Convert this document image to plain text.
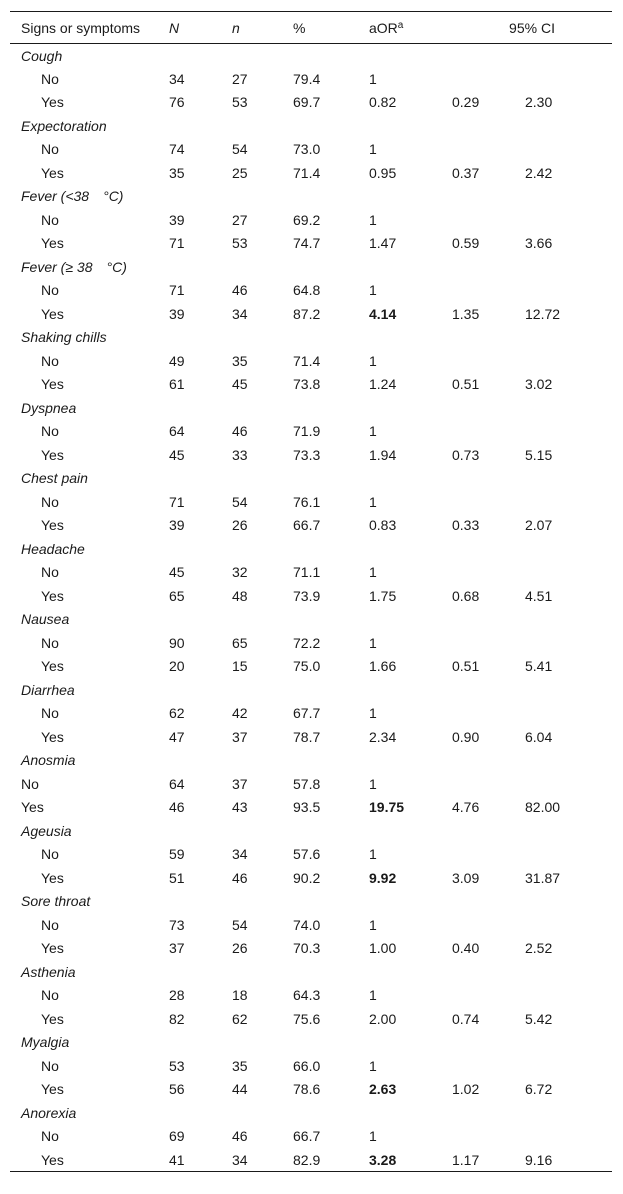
Signs or symptoms	N	n	%	aOR$^a$	95% CI	
Cough						
No	34	27	79.4	1		
Yes	76	53	69.7	0.82	0.29	2.30
Expectoration						
No	74	54	73.0	1		
Yes	35	25	71.4	0.95	0.37	2.42
Fever (<38 °C)						
No	39	27	69.2	1		
Yes	71	53	74.7	1.47	0.59	3.66
Fever (≥ 38 °C)						
No	71	46	64.8	1		
Yes	39	34	87.2	4.14	1.35	12.72
Shaking chills						
No	49	35	71.4	1		
Yes	61	45	73.8	1.24	0.51	3.02
Dyspnea						
No	64	46	71.9	1		
Yes	45	33	73.3	1.94	0.73	5.15
Chest pain						
No	71	54	76.1	1		
Yes	39	26	66.7	0.83	0.33	2.07
Headache						
No	45	32	71.1	1		
Yes	65	48	73.9	1.75	0.68	4.51
Nausea						
No	90	65	72.2	1		
Yes	20	15	75.0	1.66	0.51	5.41
Diarrhea						
No	62	42	67.7	1		
Yes	47	37	78.7	2.34	0.90	6.04
Anosmia						
No	64	37	57.8	1		
Yes	46	43	93.5	19.75	4.76	82.00
Ageusia						
No	59	34	57.6	1		
Yes	51	46	90.2	9.92	3.09	31.87
Sore throat						
No	73	54	74.0	1		
Yes	37	26	70.3	1.00	0.40	2.52
Asthenia						
No	28	18	64.3	1		
Yes	82	62	75.6	2.00	0.74	5.42
Myalgia						
No	53	35	66.0	1		
Yes	56	44	78.6	2.63	1.02	6.72
Anorexia						
No	69	46	66.7	1		
Yes	41	34	82.9	3.28	1.17	9.16
